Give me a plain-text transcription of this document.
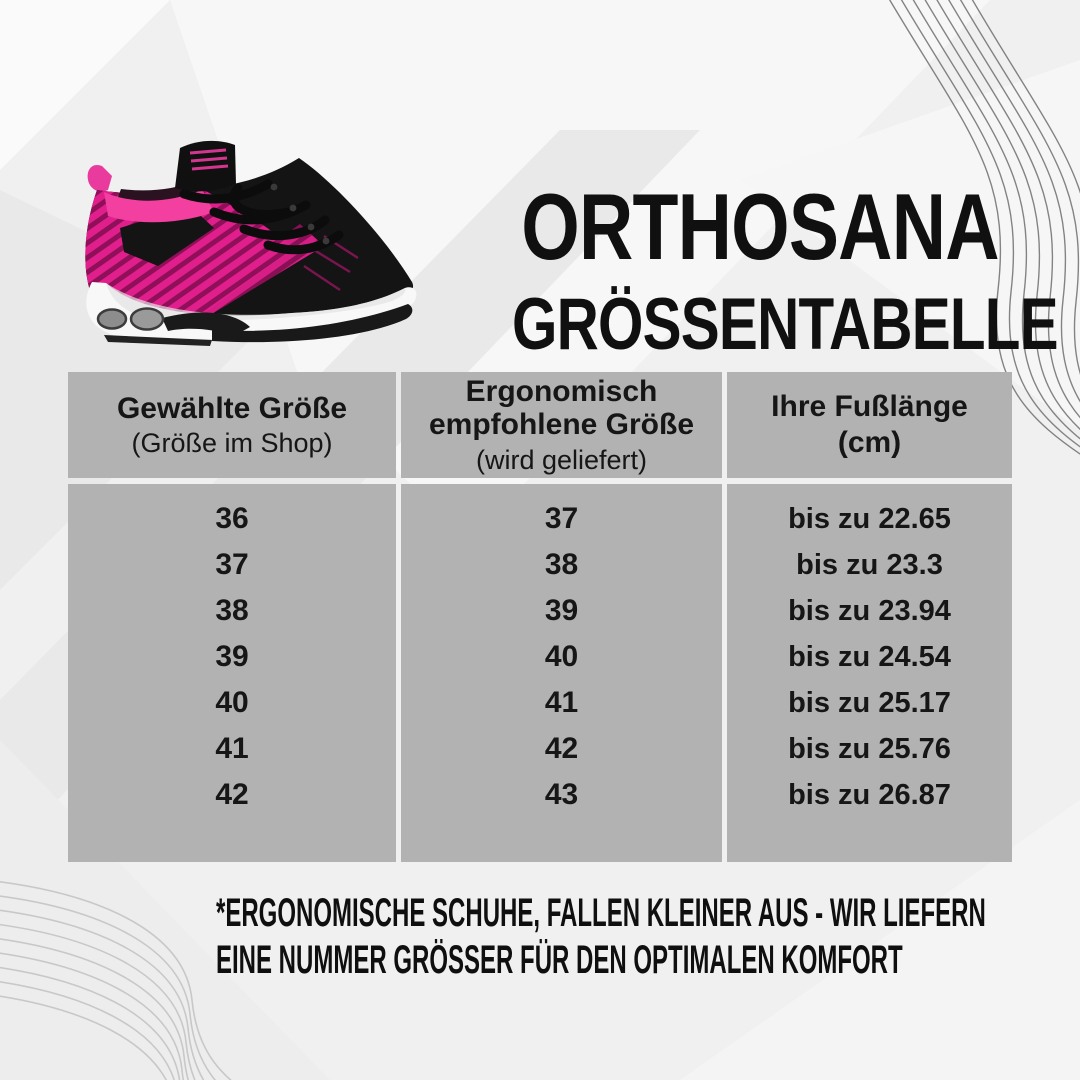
ORTHOSANA
GRÖSSENTABELLE
Gewählte Größe
(Größe im Shop)
Ergonomisch empfohlene Größe
(wird geliefert)
Ihre Fußlänge
(cm)
36
37
38
39
40
41
42
37
38
39
40
41
42
43
bis zu 22.65
bis zu 23.3
bis zu 23.94
bis zu 24.54
bis zu 25.17
bis zu 25.76
bis zu 26.87
*ERGONOMISCHE SCHUHE, FALLEN KLEINER AUS - WIR LIEFERN
EINE NUMMER GRÖSSER FÜR DEN OPTIMALEN KOMFORT
